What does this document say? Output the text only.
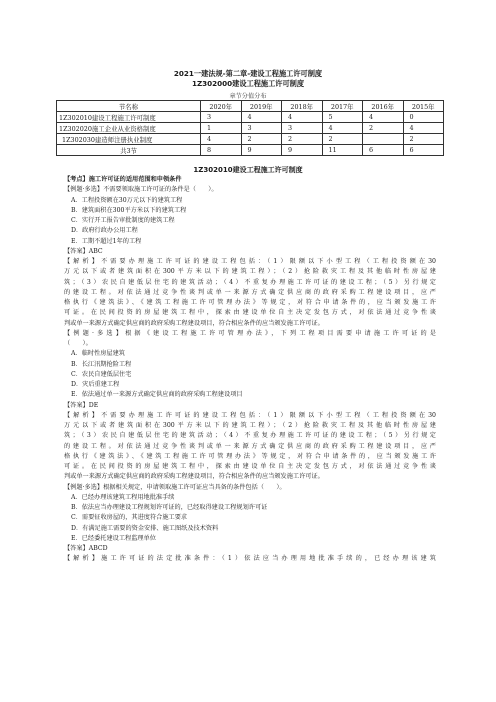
2021一建法规-第二章-建设工程施工许可制度
1Z302000建设工程施工许可制度
章节分值分布
节名称	2020年	2019年	2018年	2017年	2016年	2015年
1Z302010建设工程施工许可制度	3	4	4	5	4	0
1Z302020施工企业从业资格制度	1	3	3	4	2	4
1Z302030建造师注册执业制度	4	2	2	2		2
共3节	8	9	9	11	6	6
1Z302010建设工程施工许可制度
【考点】施工许可证的适用范围和申领条件
【例题·多选】不需要领取施工许可证的条件是（　　）。
A．工程投资额在30万元以下的建筑工程
B．建筑面积在300平方米以下的建筑工程
C．实行开工报告审批制度的建筑工程
D．政府行政办公用工程
E．工期不超过1年的工程
【答案】ABC
【解析】不需要办理施工许可证的建设工程包括：（1）限额以下小型工程（工程投资额在30
万元以下或者建筑面积在300平方米以下的建筑工程）；（2）抢险救灾工程及其他临时性房屋建
筑；（3）农民自建低层住宅的建筑活动；（4）不重复办理施工许可证的建设工程；（5）另行规定
的建设工程。对依法通过竞争性谈判或单一来源方式确定供应商的政府采购工程建设项目，应严
格执行《建筑法》、《建筑工程施工许可管理办法》等规定，对符合申请条件的，应当颁发施工许
可证。在民间投资的房屋建筑工程中，探索由建设单位自主决定发包方式，对依法通过竞争性谈
判或单一来源方式确定供应商的政府采购工程建设项目，符合相应条件的应当颁发施工许可证。
【例题·多选】根据《建设工程施工许可管理办法》，下列工程项目需要申请施工许可证的是
（　　）。
A．临时性房屋建筑
B．长江汛期抢险工程
C．农民自建低层住宅
D．灾后重建工程
E．依法通过单一来源方式确定供应商的政府采购工程建设项目
【答案】DE
【解析】不需要办理施工许可证的建设工程包括：（1）限额以下小型工程（工程投资额在30
万元以下或者建筑面积在300平方米以下的建筑工程）；（2）抢险救灾工程及其他临时性房屋建
筑；（3）农民自建低层住宅的建筑活动；（4）不重复办理施工许可证的建设工程；（5）另行规定
的建设工程。对依法通过竞争性谈判或单一来源方式确定供应商的政府采购工程建设项目，应严
格执行《建筑法》、《建筑工程施工许可管理办法》等规定，对符合申请条件的，应当颁发施工许
可证。在民间投资的房屋建筑工程中，探索由建设单位自主决定发包方式，对依法通过竞争性谈
判或单一来源方式确定供应商的政府采购工程建设项目，符合相应条件的应当颁发施工许可证。
【例题·多选】根据相关规定，申请领取施工许可证应当具备的条件包括（　　）。
A．已经办理该建筑工程用地批准手续
B．依法应当办理建设工程规划许可证的，已经取得建设工程规划许可证
C．需要征收房屋的，其进度符合施工要求
D．有满足施工需要的资金安排、施工图纸及技术资料
E．已经委托建设工程监理单位
【答案】ABCD
【解析】施工许可证的法定批准条件：（1）依法应当办理用地批准手续的，已经办理该建筑
